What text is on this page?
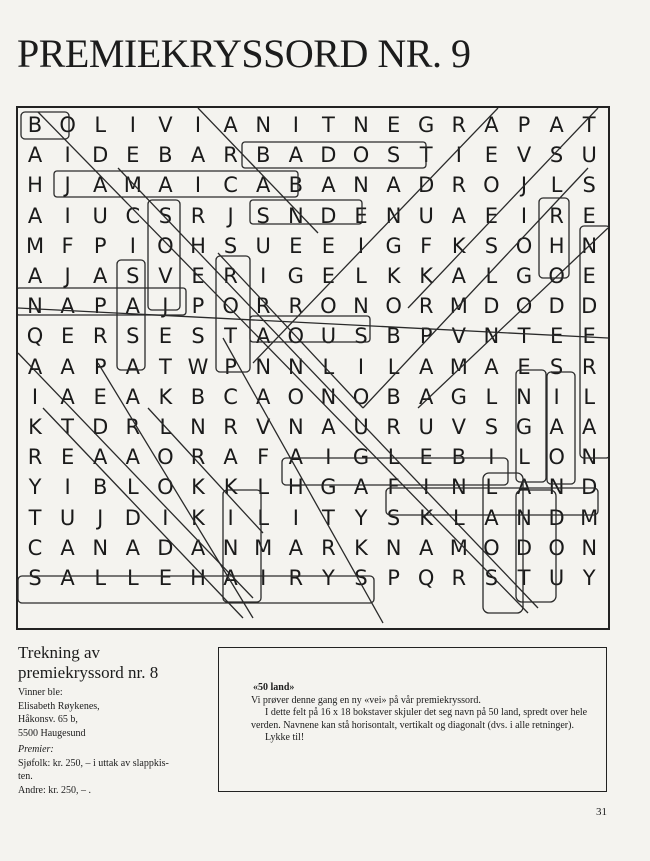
PREMIEKRYSSORD NR. 9
B O L	I	V	I	A N	I	T N E G R A P A T
A	I	D E B A R B A D O S T	I	E V S U
H	J	A M A	I	C A B A N A D R O	J	L S
A	I	U C S R	J	S N D E N U A E	I	R E
M F P	I	O H S U E E	I	G F K S O H N
A	J	A S V E R	I	G E L K K A L G O E
N A P A	J	P O R R O N O R M D O D D
Q E R S E S T A O U S B P V N T E E
A A P A T W P N N L	I	L A M A E S R
I	A E A K B C A O N O B A G L N	I	L
K T D R L N R V N A U R U V S G A A
R E A A O R A F A	I	G L E B	I	L O N
Y	I	B L O K K L H G A F	I	N L A N D
T U	J	D	I	K	I	L	I	T Y S K L A N D M
C A N A D A N M A R K N A M O D O N
S A L L E H A	I	R Y S P Q R S T U Y
Trekning av premiekryssord nr. 8
Vinner ble:
Elisabeth Røykenes,
Håkonsv. 65 b,
5500 Haugesund
Premier:
Sjøfolk: kr. 250, – i uttak av slappkis-
ten.
Andre: kr. 250, – .

«50 land»

Vi prøver denne gang en ny «vei» på vår premiekryssord.

I dette felt på 16 x 18 bokstaver skjuler det seg navn på 50 land, spredt over hele verden. Navnene kan stå horisontalt, vertikalt og diagonalt (dvs. i alle retninger).

Lykke til!

31
